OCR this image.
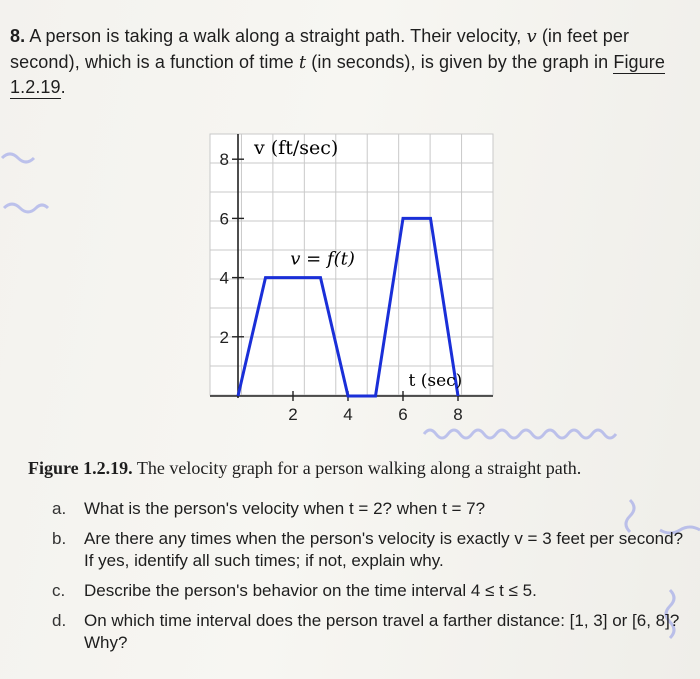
8. A person is taking a walk along a straight path. Their velocity, v (in feet per second), which is a function of time t (in seconds), is given by the graph in Figure 1.2.19.
2	4	6	8
2
4
6
8
v (ft/sec)
t (sec)
v = f(t)
Figure 1.2.19. The velocity graph for a person walking along a straight path.
a. What is the person's velocity when t = 2? when t = 7?
b. Are there any times when the person's velocity is exactly v = 3 feet per second? If yes, identify all such times; if not, explain why.
c. Describe the person's behavior on the time interval 4 ≤ t ≤ 5.
d. On which time interval does the person travel a farther distance: [1, 3] or [6, 8]? Why?
